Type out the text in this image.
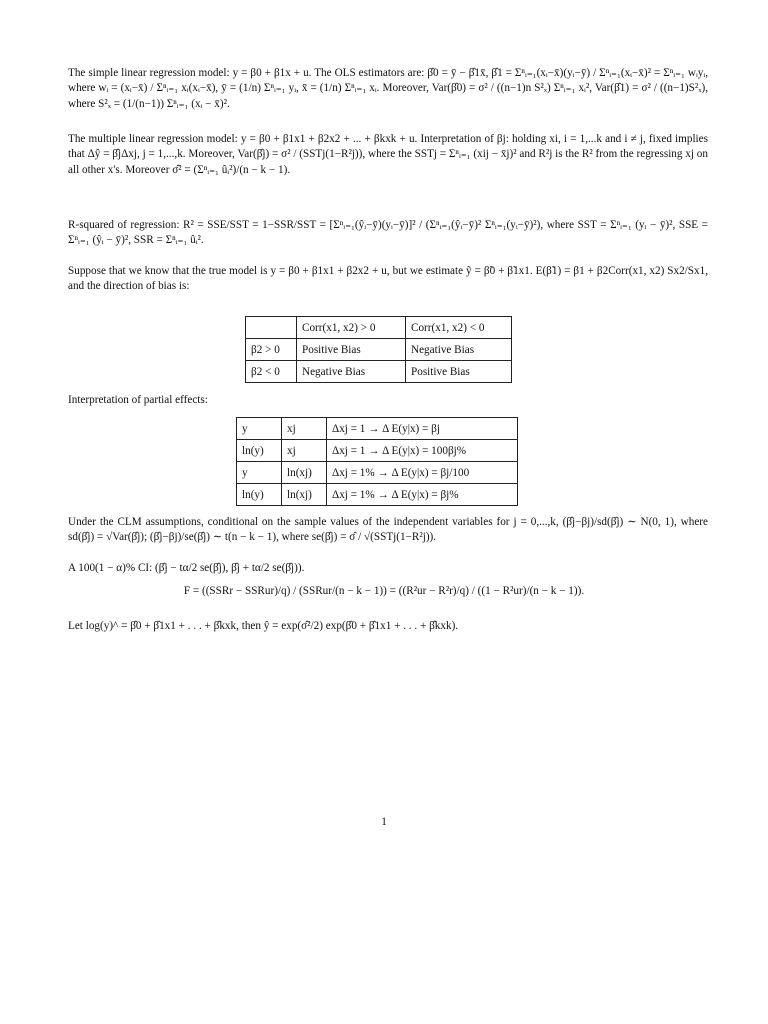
The simple linear regression model: y = β0 + β1x + u. The OLS estimators are: β̂0 = ȳ − β̂1x̄, β̂1 = Σⁿᵢ₌₁(xᵢ−x̄)(yᵢ−ȳ) / Σⁿᵢ₌₁(xᵢ−x̄)² = Σⁿᵢ₌₁ wᵢyᵢ, where wᵢ = (xᵢ−x̄) / Σⁿᵢ₌₁ xᵢ(xᵢ−x̄), ȳ = (1/n) Σⁿᵢ₌₁ yᵢ, x̄ = (1/n) Σⁿᵢ₌₁ xᵢ. Moreover, Var(β̂0) = σ² / ((n−1)n S²ₓ) Σⁿᵢ₌₁ xᵢ², Var(β̂1) = σ² / ((n−1)S²ₓ), where S²ₓ = (1/(n−1)) Σⁿᵢ₌₁ (xᵢ − x̄)².

The multiple linear regression model: y = β0 + β1x1 + β2x2 + ... + βkxk + u. Interpretation of βj: holding xi, i = 1,...k and i ≠ j, fixed implies that Δŷ = β̂jΔxj, j = 1,...,k. Moreover, Var(β̂j) = σ² / (SSTj(1−R²j)), where the SSTj = Σⁿᵢ₌₁ (xij − x̄j)² and R²j is the R² from the regressing xj on all other x's. Moreover σ̂² = (Σⁿᵢ₌₁ ûᵢ²)/(n − k − 1).

R-squared of regression: R² = SSE/SST = 1−SSR/SST = [Σⁿᵢ₌₁(ŷᵢ−ȳ)(yᵢ−ȳ)]² / (Σⁿᵢ₌₁(ŷᵢ−ȳ)² Σⁿᵢ₌₁(yᵢ−ȳ)²), where SST = Σⁿᵢ₌₁ (yᵢ − ȳ)², SSE = Σⁿᵢ₌₁ (ŷᵢ − ȳ)², SSR = Σⁿᵢ₌₁ ûᵢ².

Suppose that we know that the true model is y = β0 + β1x1 + β2x2 + u, but we estimate ỹ = β̃0 + β̃1x1. E(β̃1) = β1 + β2Corr(x1, x2) Sx2/Sx1, and the direction of bias is:

	Corr(x1, x2) > 0	Corr(x1, x2) < 0
β2 > 0	Positive Bias	Negative Bias
β2 < 0	Negative Bias	Positive Bias

Interpretation of partial effects:

y	xj	Δxj = 1 → Δ E(y|x) = βj
ln(y)	xj	Δxj = 1 → Δ E(y|x) = 100βj%
y	ln(xj)	Δxj = 1% → Δ E(y|x) = βj/100
ln(y)	ln(xj)	Δxj = 1% → Δ E(y|x) = βj%

Under the CLM assumptions, conditional on the sample values of the independent variables for j = 0,...,k, (β̂j−βj)/sd(β̂j) ∼ N(0, 1), where sd(β̂j) = √Var(β̂j); (β̂j−βj)/se(β̂j) ∼ t(n − k − 1), where se(β̂j) = σ̂ / √(SSTj(1−R²j)).

A 100(1 − α)% CI: (β̂j − tα/2 se(β̂j), β̂j + tα/2 se(β̂j)).

F = ((SSRr − SSRur)/q) / (SSRur/(n − k − 1)) = ((R²ur − R²r)/q) / ((1 − R²ur)/(n − k − 1)).

Let log(y)^ = β̂0 + β̂1x1 + . . . + β̂kxk, then ŷ = exp(σ̂²/2) exp(β̂0 + β̂1x1 + . . . + β̂kxk).

1
